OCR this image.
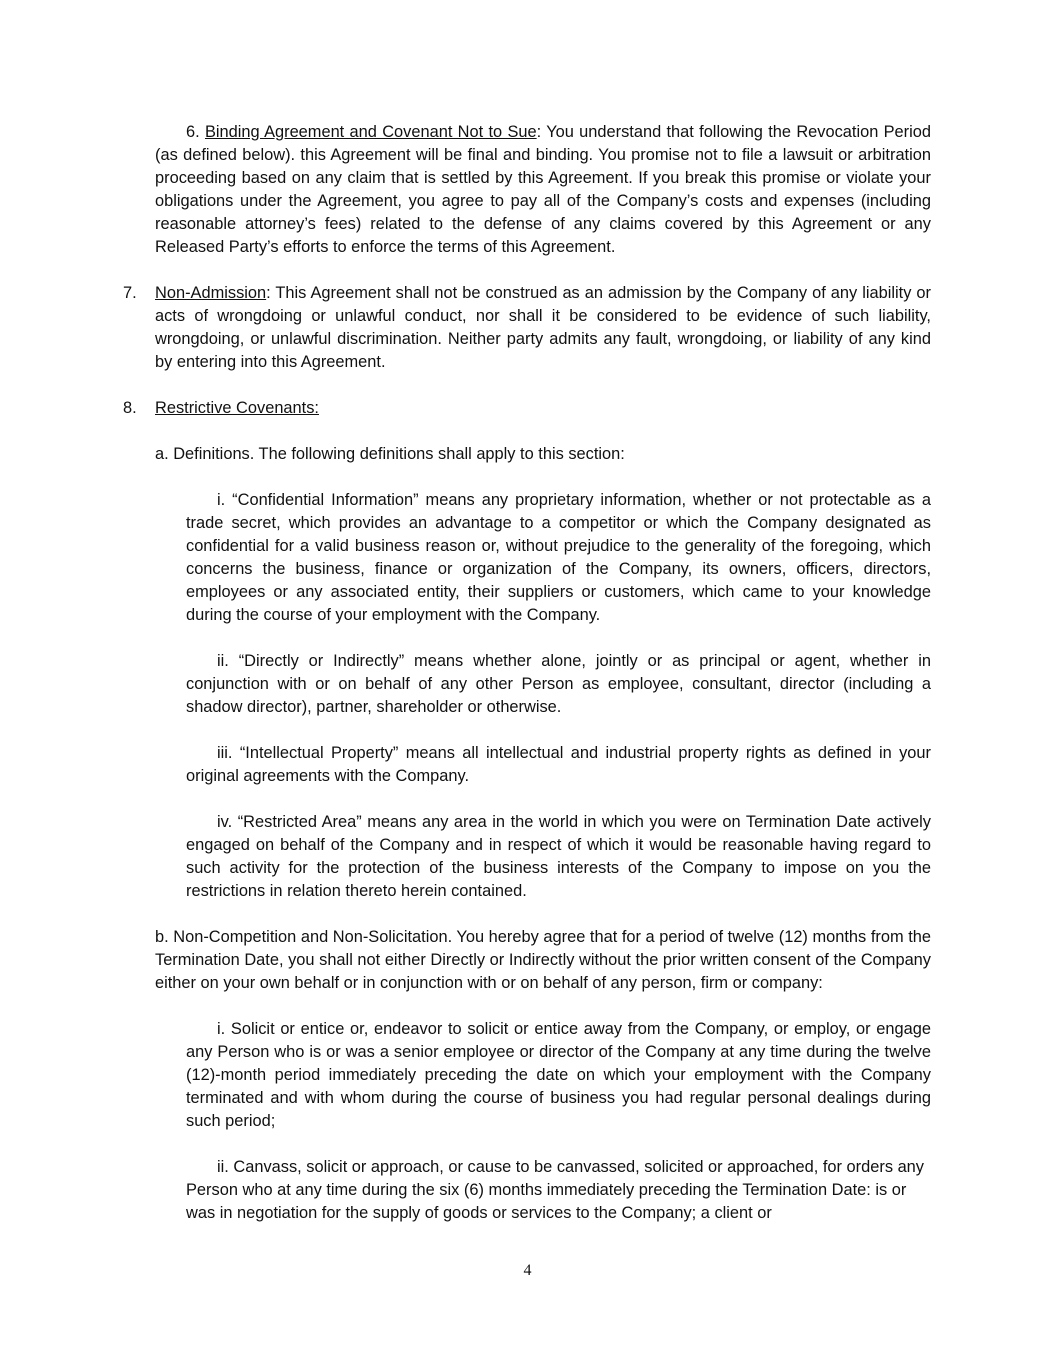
6. Binding Agreement and Covenant Not to Sue: You understand that following the Revocation Period (as defined below). this Agreement will be final and binding. You promise not to file a lawsuit or arbitration proceeding based on any claim that is settled by this Agreement. If you break this promise or violate your obligations under the Agreement, you agree to pay all of the Company’s costs and expenses (including reasonable attorney’s fees) related to the defense of any claims covered by this Agreement or any Released Party’s efforts to enforce the terms of this Agreement.

7. Non-Admission: This Agreement shall not be construed as an admission by the Company of any liability or acts of wrongdoing or unlawful conduct, nor shall it be considered to be evidence of such liability, wrongdoing, or unlawful discrimination. Neither party admits any fault, wrongdoing, or liability of any kind by entering into this Agreement.

8. Restrictive Covenants:

a. Definitions. The following definitions shall apply to this section:

i. “Confidential Information” means any proprietary information, whether or not protectable as a trade secret, which provides an advantage to a competitor or which the Company designated as confidential for a valid business reason or, without prejudice to the generality of the foregoing, which concerns the business, finance or organization of the Company, its owners, officers, directors, employees or any associated entity, their suppliers or customers, which came to your knowledge during the course of your employment with the Company.

ii. “Directly or Indirectly” means whether alone, jointly or as principal or agent, whether in conjunction with or on behalf of any other Person as employee, consultant, director (including a shadow director), partner, shareholder or otherwise.

iii. “Intellectual Property” means all intellectual and industrial property rights as defined in your original agreements with the Company.

iv. “Restricted Area” means any area in the world in which you were on Termination Date actively engaged on behalf of the Company and in respect of which it would be reasonable having regard to such activity for the protection of the business interests of the Company to impose on you the restrictions in relation thereto herein contained.

b. Non-Competition and Non-Solicitation. You hereby agree that for a period of twelve (12) months from the Termination Date, you shall not either Directly or Indirectly without the prior written consent of the Company either on your own behalf or in conjunction with or on behalf of any person, firm or company:

i. Solicit or entice or, endeavor to solicit or entice away from the Company, or employ, or engage any Person who is or was a senior employee or director of the Company at any time during the twelve (12)-month period immediately preceding the date on which your employment with the Company terminated and with whom during the course of business you had regular personal dealings during such period;

ii. Canvass, solicit or approach, or cause to be canvassed, solicited or approached, for orders any Person who at any time during the six (6) months immediately preceding the Termination Date: is or was in negotiation for the supply of goods or services to the Company; a client or

4
